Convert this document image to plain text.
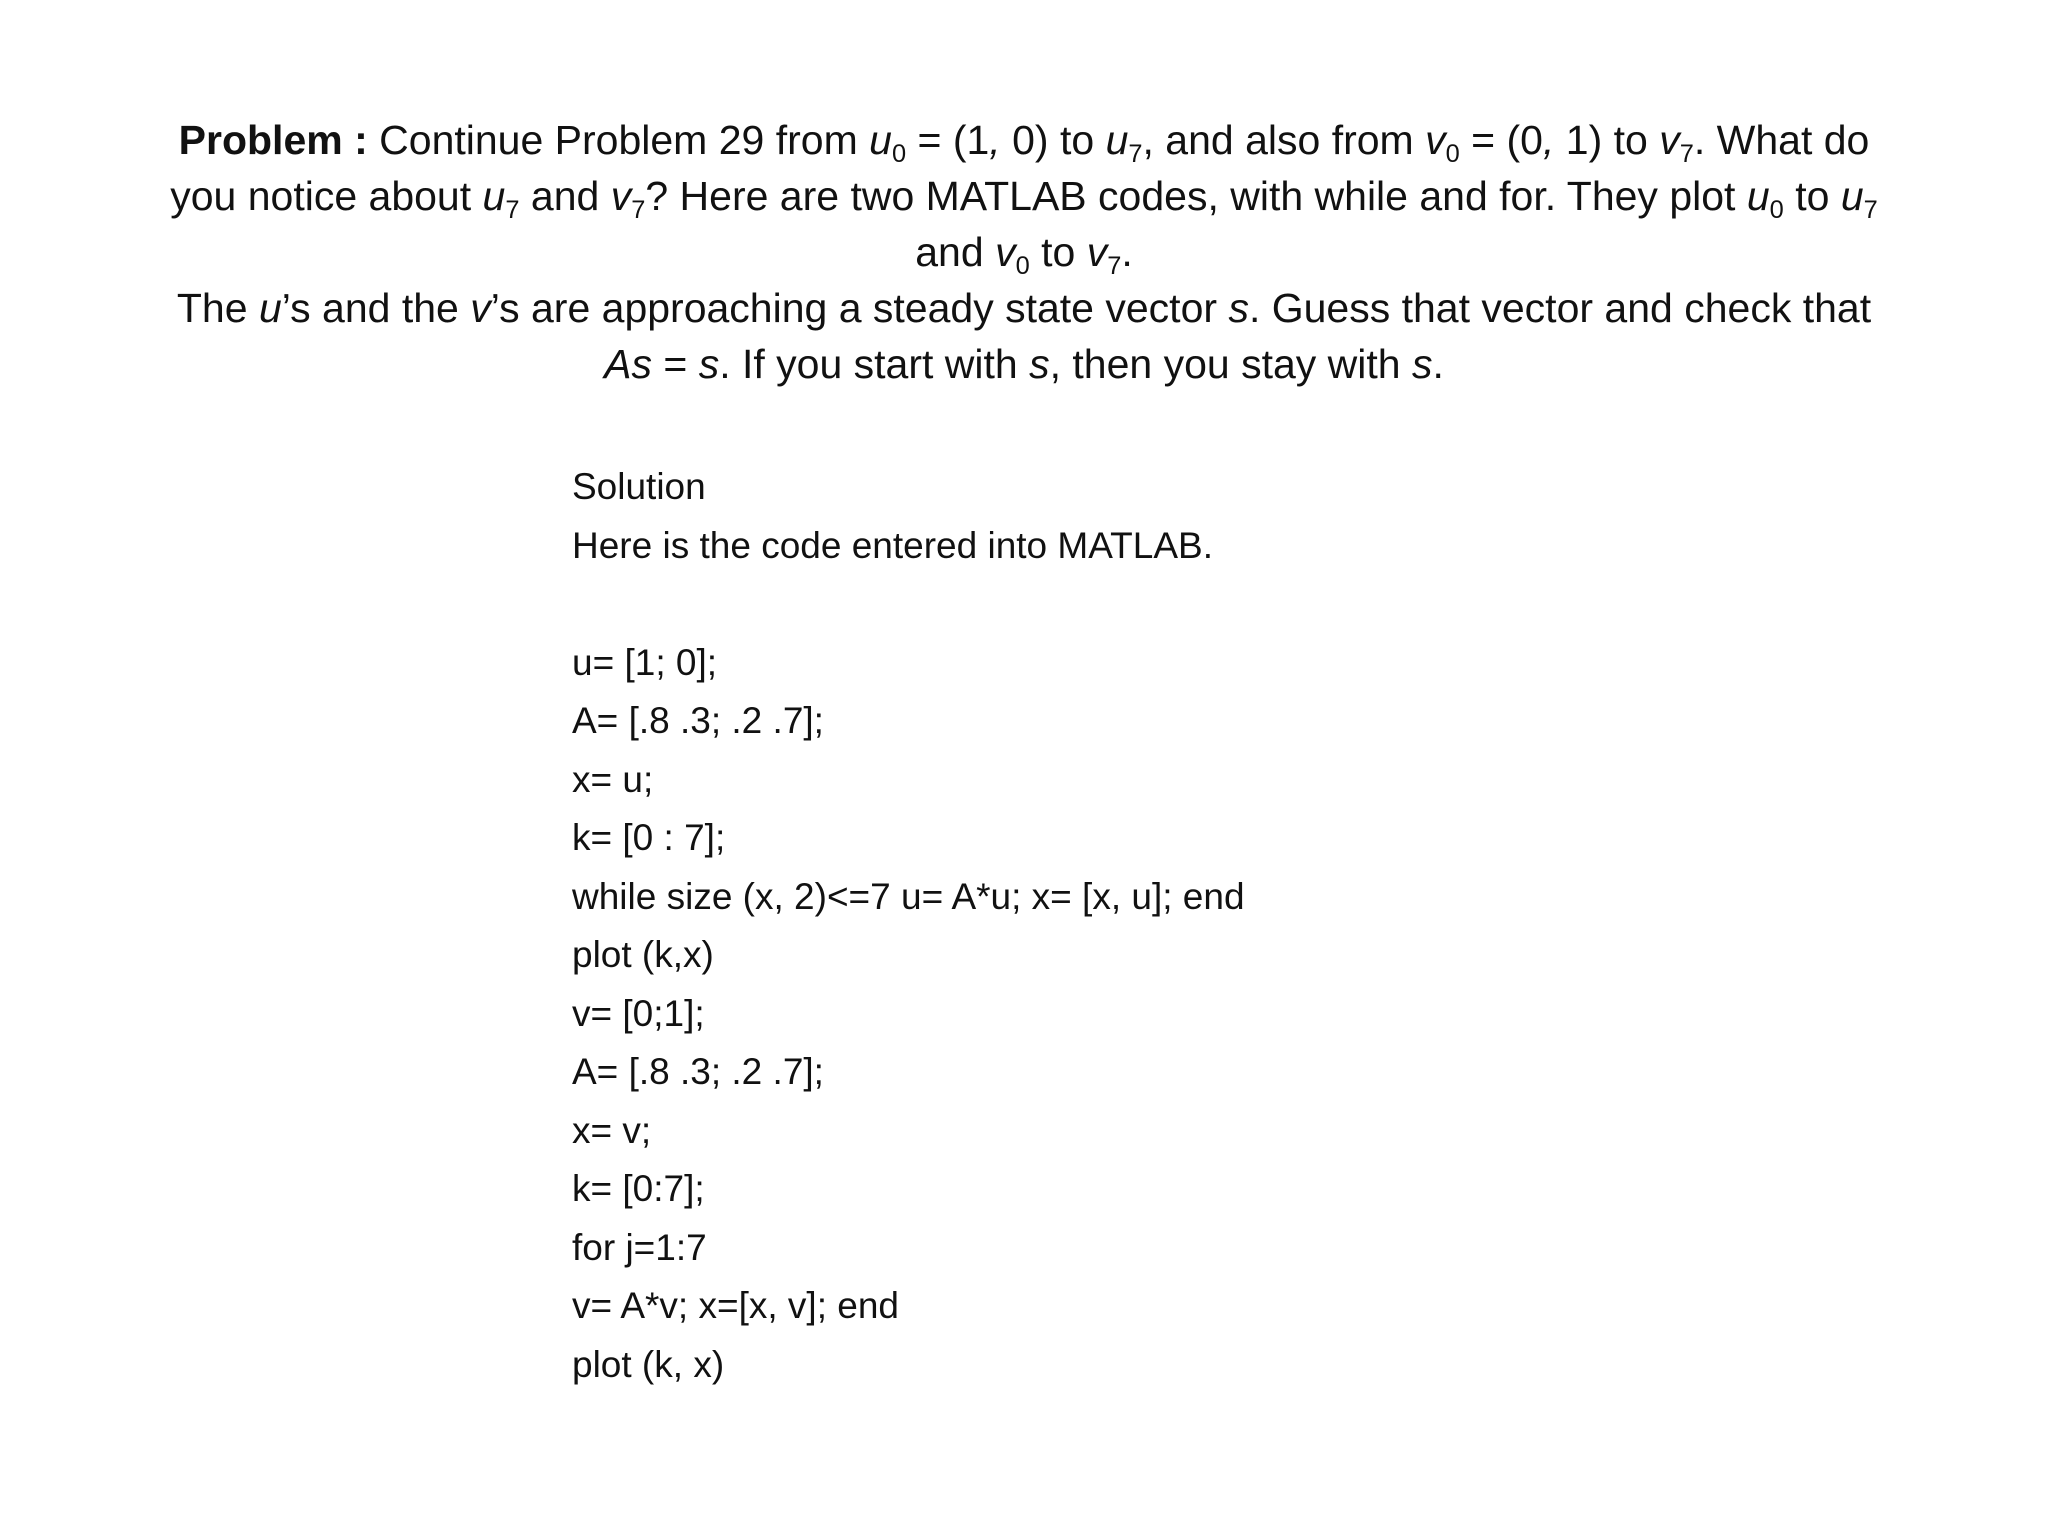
Problem : Continue Problem 29 from $u_0 = (1$, 0) to $u_7$, and also from $v_0 = (0$, 1) to $v_7$. What do you notice about $u_7$ and $v_7$? Here are two MATLAB codes, with while and for. They plot $u_0$ to $u_7$ and $v_0$ to $v_7$.

The u’s and the v’s are approaching a steady state vector s. Guess that vector and check that As = s. If you start with s, then you stay with s.

Solution
Here is the code entered into MATLAB.
u= [1; 0];
A= [.8 .3; .2 .7];
x= u;
k= [0 : 7];
while size (x, 2)<=7 u= A*u; x= [x, u]; end
plot (k,x)
v= [0;1];
A= [.8 .3; .2 .7];
x= v;
k= [0:7];
for j=1:7
v= A*v; x=[x, v]; end
plot (k, x)
